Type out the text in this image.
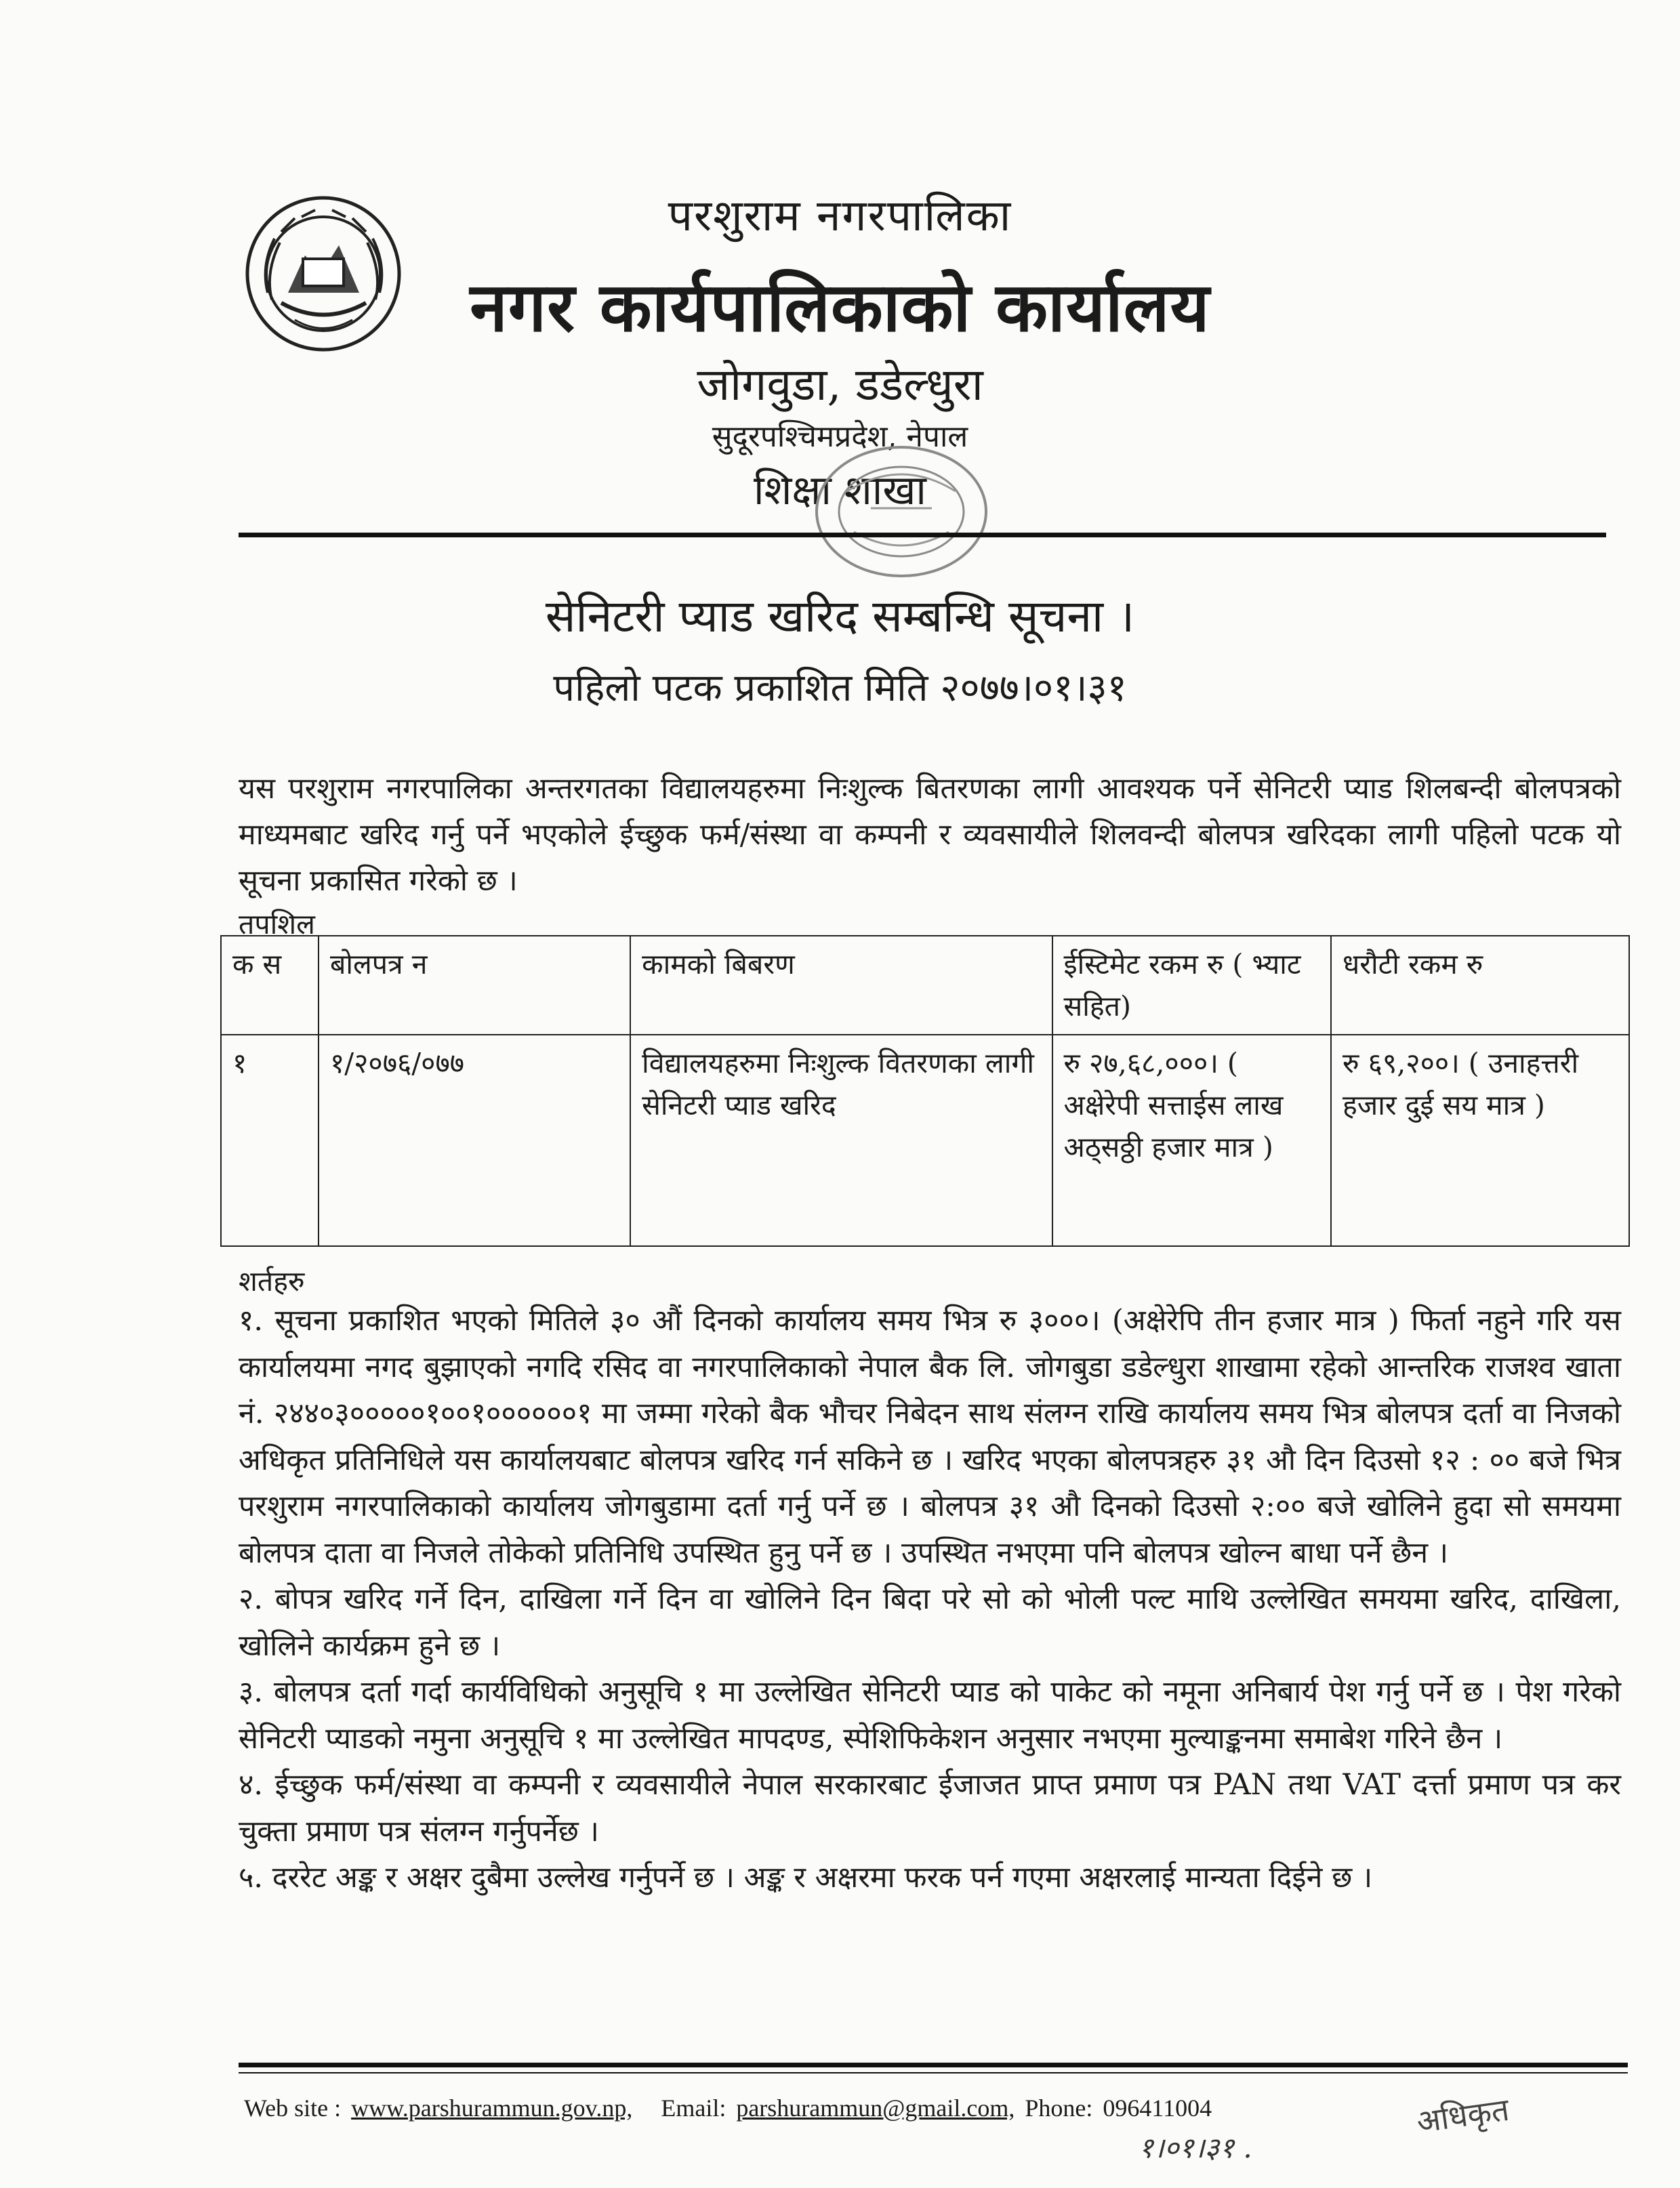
परशुराम नगरपालिका
नगर कार्यपालिकाको कार्यालय
जोगवुडा, डडेल्धुरा
सुदूरपश्चिमप्रदेश, नेपाल
शिक्षा शाखा
सेनिटरी प्याड खरिद सम्बन्धि सूचना ।
पहिलो पटक प्रकाशित मिति २०७७।०१।३१
यस परशुराम नगरपालिका अन्तरगतका विद्यालयहरुमा निःशुल्क बितरणका लागी आवश्यक पर्ने सेनिटरी प्याड शिलबन्दी बोलपत्रको माध्यमबाट खरिद गर्नु पर्ने भएकोले ईच्छुक फर्म/संस्था वा कम्पनी र व्यवसायीले शिलवन्दी बोलपत्र खरिदका लागी पहिलो पटक यो सूचना प्रकासित गरेको छ ।
तपशिल
क स	बोलपत्र न	कामको बिबरण	ईस्टिमेट रकम रु ( भ्याट सहित)	धरौटी रकम रु
१	१/२०७६/०७७	विद्यालयहरुमा निःशुल्क वितरणका लागी सेनिटरी प्याड खरिद	रु २७,६८,०००। ( अक्षेरेपी सत्ताईस लाख अठ्सठ्ठी हजार मात्र )	रु ६९,२००। ( उनाहत्तरी हजार दुई सय मात्र )
शर्तहरु

१. सूचना प्रकाशित भएको मितिले ३० औं दिनको कार्यालय समय भित्र रु ३०००। (अक्षेरेपि तीन हजार मात्र ) फिर्ता नहुने गरि यस कार्यालयमा नगद बुझाएको नगदि रसिद वा नगरपालिकाको नेपाल बैक लि. जोगबुडा डडेल्धुरा शाखामा रहेको आन्तरिक राजश्व खाता नं. २४४०३०००००१००१००००००१ मा जम्मा गरेको बैक भौचर निबेदन साथ संलग्न राखि कार्यालय समय भित्र बोलपत्र दर्ता वा निजको अधिकृत प्रतिनिधिले यस कार्यालयबाट बोलपत्र खरिद गर्न सकिने छ । खरिद भएका बोलपत्रहरु ३१ औ दिन दिउसो १२ : ०० बजे भित्र परशुराम नगरपालिकाको कार्यालय जोगबुडामा दर्ता गर्नु पर्ने छ । बोलपत्र ३१ औ दिनको दिउसो २:०० बजे खोलिने हुदा सो समयमा बोलपत्र दाता वा निजले तोकेको प्रतिनिधि उपस्थित हुनु पर्ने छ । उपस्थित नभएमा पनि बोलपत्र खोल्न बाधा पर्ने छैन ।

२. बोपत्र खरिद गर्ने दिन, दाखिला गर्ने दिन वा खोलिने दिन बिदा परे सो को भोली पल्ट माथि उल्लेखित समयमा खरिद, दाखिला, खोलिने कार्यक्रम हुने छ ।

३. बोलपत्र दर्ता गर्दा कार्यविधिको अनुसूचि १ मा उल्लेखित सेनिटरी प्याड को पाकेट को नमूना अनिबार्य पेश गर्नु पर्ने छ । पेश गरेको सेनिटरी प्याडको नमुना अनुसूचि १ मा उल्लेखित मापदण्ड, स्पेशिफिकेशन अनुसार नभएमा मुल्याङ्कनमा समाबेश गरिने छैन ।

४. ईच्छुक फर्म/संस्था वा कम्पनी र व्यवसायीले नेपाल सरकारबाट ईजाजत प्राप्त प्रमाण पत्र PAN तथा VAT दर्त्ता प्रमाण पत्र कर चुक्ता प्रमाण पत्र संलग्न गर्नुपर्नेछ ।

५. दररेट अङ्क र अक्षर दुबैमा उल्लेख गर्नुपर्ने छ । अङ्क र अक्षरमा फरक पर्न गएमा अक्षरलाई मान्यता दिईने छ ।

Web site : www.parshurammun.gov.np, Email: parshurammun@gmail.com, Phone: 096411004
१।०१।३१ .
अधिकृत
